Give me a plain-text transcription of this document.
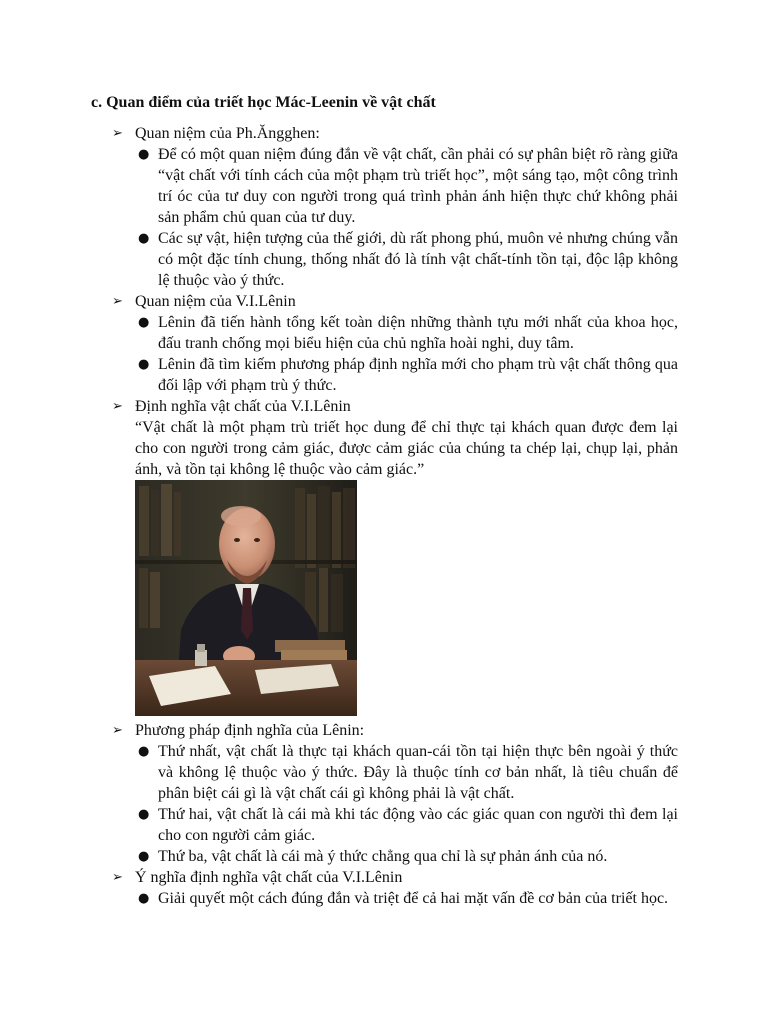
c. Quan điểm của triết học Mác-Leenin về vật chất
➢ Quan niệm của Ph.Ăngghen:
● Để có một quan niệm đúng đắn về vật chất, cần phải có sự phân biệt rõ ràng giữa “vật chất với tính cách của một phạm trù triết học”, một sáng tạo, một công trình trí óc của tư duy con người trong quá trình phản ánh hiện thực chứ không phải sản phẩm chủ quan của tư duy.
● Các sự vật, hiện tượng của thế giới, dù rất phong phú, muôn vẻ nhưng chúng vẫn có một đặc tính chung, thống nhất đó là tính vật chất-tính tồn tại, độc lập không lệ thuộc vào ý thức.
➢ Quan niệm của V.I.Lênin
● Lênin đã tiến hành tổng kết toàn diện những thành tựu mới nhất của khoa học, đấu tranh chống mọi biểu hiện của chủ nghĩa hoài nghi, duy tâm.
● Lênin đã tìm kiếm phương pháp định nghĩa mới cho phạm trù vật chất thông qua đối lập với phạm trù ý thức.
➢ Định nghĩa vật chất của V.I.Lênin
“Vật chất là một phạm trù triết học dung để chỉ thực tại khách quan được đem lại cho con người trong cảm giác, được cảm giác của chúng ta chép lại, chụp lại, phản ánh, và tồn tại không lệ thuộc vào cảm giác.”
➢ Phương pháp định nghĩa của Lênin:
● Thứ nhất, vật chất là thực tại khách quan-cái tồn tại hiện thực bên ngoài ý thức và không lệ thuộc vào ý thức. Đây là thuộc tính cơ bản nhất, là tiêu chuẩn để phân biệt cái gì là vật chất cái gì không phải là vật chất.
● Thứ hai, vật chất là cái mà khi tác động vào các giác quan con người thì đem lại cho con người cảm giác.
● Thứ ba, vật chất là cái mà ý thức chẳng qua chỉ là sự phản ánh của nó.
➢ Ý nghĩa định nghĩa vật chất của V.I.Lênin
● Giải quyết một cách đúng đắn và triệt để cả hai mặt vấn đề cơ bản của triết học.
